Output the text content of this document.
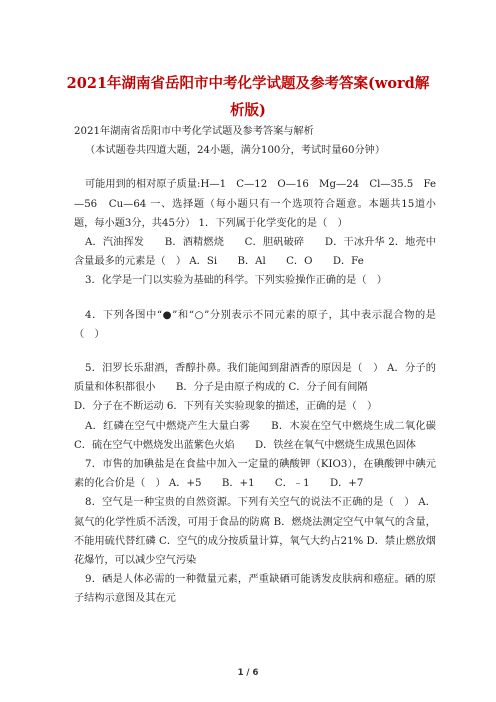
2021年湖南省岳阳市中考化学试题及参考答案(word解析版)

2021年湖南省岳阳市中考化学试题及参考答案与解析

（本试题卷共四道大题，24小题，满分100分，考试时量60分钟）

可能用到的相对原子质量:H—1　C—12　O—16　Mg—24　Cl—35.5　Fe—56　Cu—64 一、选择题（每小题只有一个选项符合题意。本题共15道小题，每小题3分，共45分） 1．下列属于化学变化的是（　）

A．汽油挥发　　B．酒精燃烧　　C．胆矾破碎　　D．干冰升华 2．地壳中含量最多的元素是（　） A．Si　　B．Al　　C．O　　D．Fe

3．化学是一门以实验为基础的科学。下列实验操作正确的是（　）

4．下列各图中“●”和“○”分别表示不同元素的原子，其中表示混合物的是（　）

5．汨罗长乐甜酒，香醇扑鼻。我们能闻到甜酒香的原因是（　） A．分子的质量和体积都很小　　B．分子是由原子构成的 C．分子间有间隔

D．分子在不断运动 6．下列有关实验现象的描述，正确的是（　）

A．红磷在空气中燃烧产生大量白雾　　B．木炭在空气中燃烧生成二氧化碳 C．硫在空气中燃烧发出蓝紫色火焰　　D．铁丝在氧气中燃烧生成黑色固体

7．市售的加碘盐是在食盐中加入一定量的碘酸钾（KIO3），在碘酸钾中碘元素的化合价是（　） A．+5　　B．+1　　C．﹣1　　D．+7

8．空气是一种宝贵的自然资源。下列有关空气的说法不正确的是（　） A．氮气的化学性质不活泼，可用于食品的防腐 B．燃烧法测定空气中氧气的含量，不能用硫代替红磷 C．空气的成分按质量计算，氧气大约占21% D．禁止燃放烟花爆竹，可以减少空气污染

9．硒是人体必需的一种微量元素，严重缺硒可能诱发皮肤病和癌症。硒的原子结构示意图及其在元

1 / 6
